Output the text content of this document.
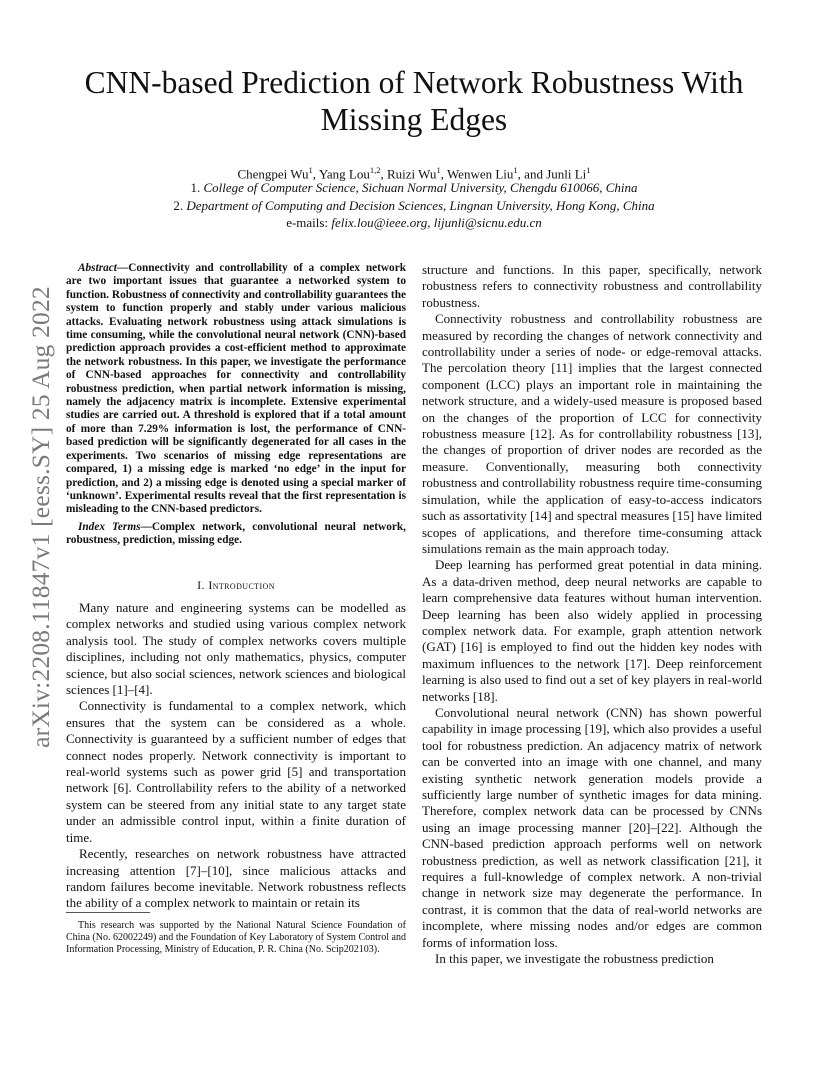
arXiv:2208.11847v1 [eess.SY] 25 Aug 2022
CNN-based Prediction of Network Robustness With Missing Edges
Chengpei Wu$^1$, Yang Lou$^{1,2}$, Ruizi Wu$^1$, Wenwen Liu$^1$, and Junli Li$^1$
1. College of Computer Science, Sichuan Normal University, Chengdu 610066, China
2. Department of Computing and Decision Sciences, Lingnan University, Hong Kong, China
e-mails: felix.lou@ieee.org, lijunli@sicnu.edu.cn

Abstract—Connectivity and controllability of a complex network are two important issues that guarantee a networked system to function. Robustness of connectivity and controllability guarantees the system to function properly and stably under various malicious attacks. Evaluating network robustness using attack simulations is time consuming, while the convolutional neural network (CNN)-based prediction approach provides a cost-efficient method to approximate the network robustness. In this paper, we investigate the performance of CNN-based approaches for connectivity and controllability robustness prediction, when partial network information is missing, namely the adjacency matrix is incomplete. Extensive experimental studies are carried out. A threshold is explored that if a total amount of more than 7.29% information is lost, the performance of CNN-based prediction will be significantly degenerated for all cases in the experiments. Two scenarios of missing edge representations are compared, 1) a missing edge is marked ‘no edge’ in the input for prediction, and 2) a missing edge is denoted using a special marker of ‘unknown’. Experimental results reveal that the first representation is misleading to the CNN-based predictors.

Index Terms—Complex network, convolutional neural network, robustness, prediction, missing edge.

I. Introduction

Many nature and engineering systems can be modelled as complex networks and studied using various complex network analysis tool. The study of complex networks covers multiple disciplines, including not only mathematics, physics, computer science, but also social sciences, network sciences and biological sciences [1]–[4].

Connectivity is fundamental to a complex network, which ensures that the system can be considered as a whole. Connectivity is guaranteed by a sufficient number of edges that connect nodes properly. Network connectivity is important to real-world systems such as power grid [5] and transportation network [6]. Controllability refers to the ability of a networked system can be steered from any initial state to any target state under an admissible control input, within a finite duration of time.

Recently, researches on network robustness have attracted increasing attention [7]–[10], since malicious attacks and random failures become inevitable. Network robustness reflects the ability of a complex network to maintain or retain its

This research was supported by the National Natural Science Foundation of China (No. 62002249) and the Foundation of Key Laboratory of System Control and Information Processing, Ministry of Education, P. R. China (No. Scip202103).

structure and functions. In this paper, specifically, network robustness refers to connectivity robustness and controllability robustness.

Connectivity robustness and controllability robustness are measured by recording the changes of network connectivity and controllability under a series of node- or edge-removal attacks. The percolation theory [11] implies that the largest connected component (LCC) plays an important role in maintaining the network structure, and a widely-used measure is proposed based on the changes of the proportion of LCC for connectivity robustness measure [12]. As for controllability robustness [13], the changes of proportion of driver nodes are recorded as the measure. Conventionally, measuring both connectivity robustness and controllability robustness require time-consuming simulation, while the application of easy-to-access indicators such as assortativity [14] and spectral measures [15] have limited scopes of applications, and therefore time-consuming attack simulations remain as the main approach today.

Deep learning has performed great potential in data mining. As a data-driven method, deep neural networks are capable to learn comprehensive data features without human intervention. Deep learning has been also widely applied in processing complex network data. For example, graph attention network (GAT) [16] is employed to find out the hidden key nodes with maximum influences to the network [17]. Deep reinforcement learning is also used to find out a set of key players in real-world networks [18].

Convolutional neural network (CNN) has shown powerful capability in image processing [19], which also provides a useful tool for robustness prediction. An adjacency matrix of network can be converted into an image with one channel, and many existing synthetic network generation models provide a sufficiently large number of synthetic images for data mining. Therefore, complex network data can be processed by CNNs using an image processing manner [20]–[22]. Although the CNN-based prediction approach performs well on network robustness prediction, as well as network classification [21], it requires a full-knowledge of complex network. A non-trivial change in network size may degenerate the performance. In contrast, it is common that the data of real-world networks are incomplete, where missing nodes and/or edges are common forms of information loss.

In this paper, we investigate the robustness prediction
